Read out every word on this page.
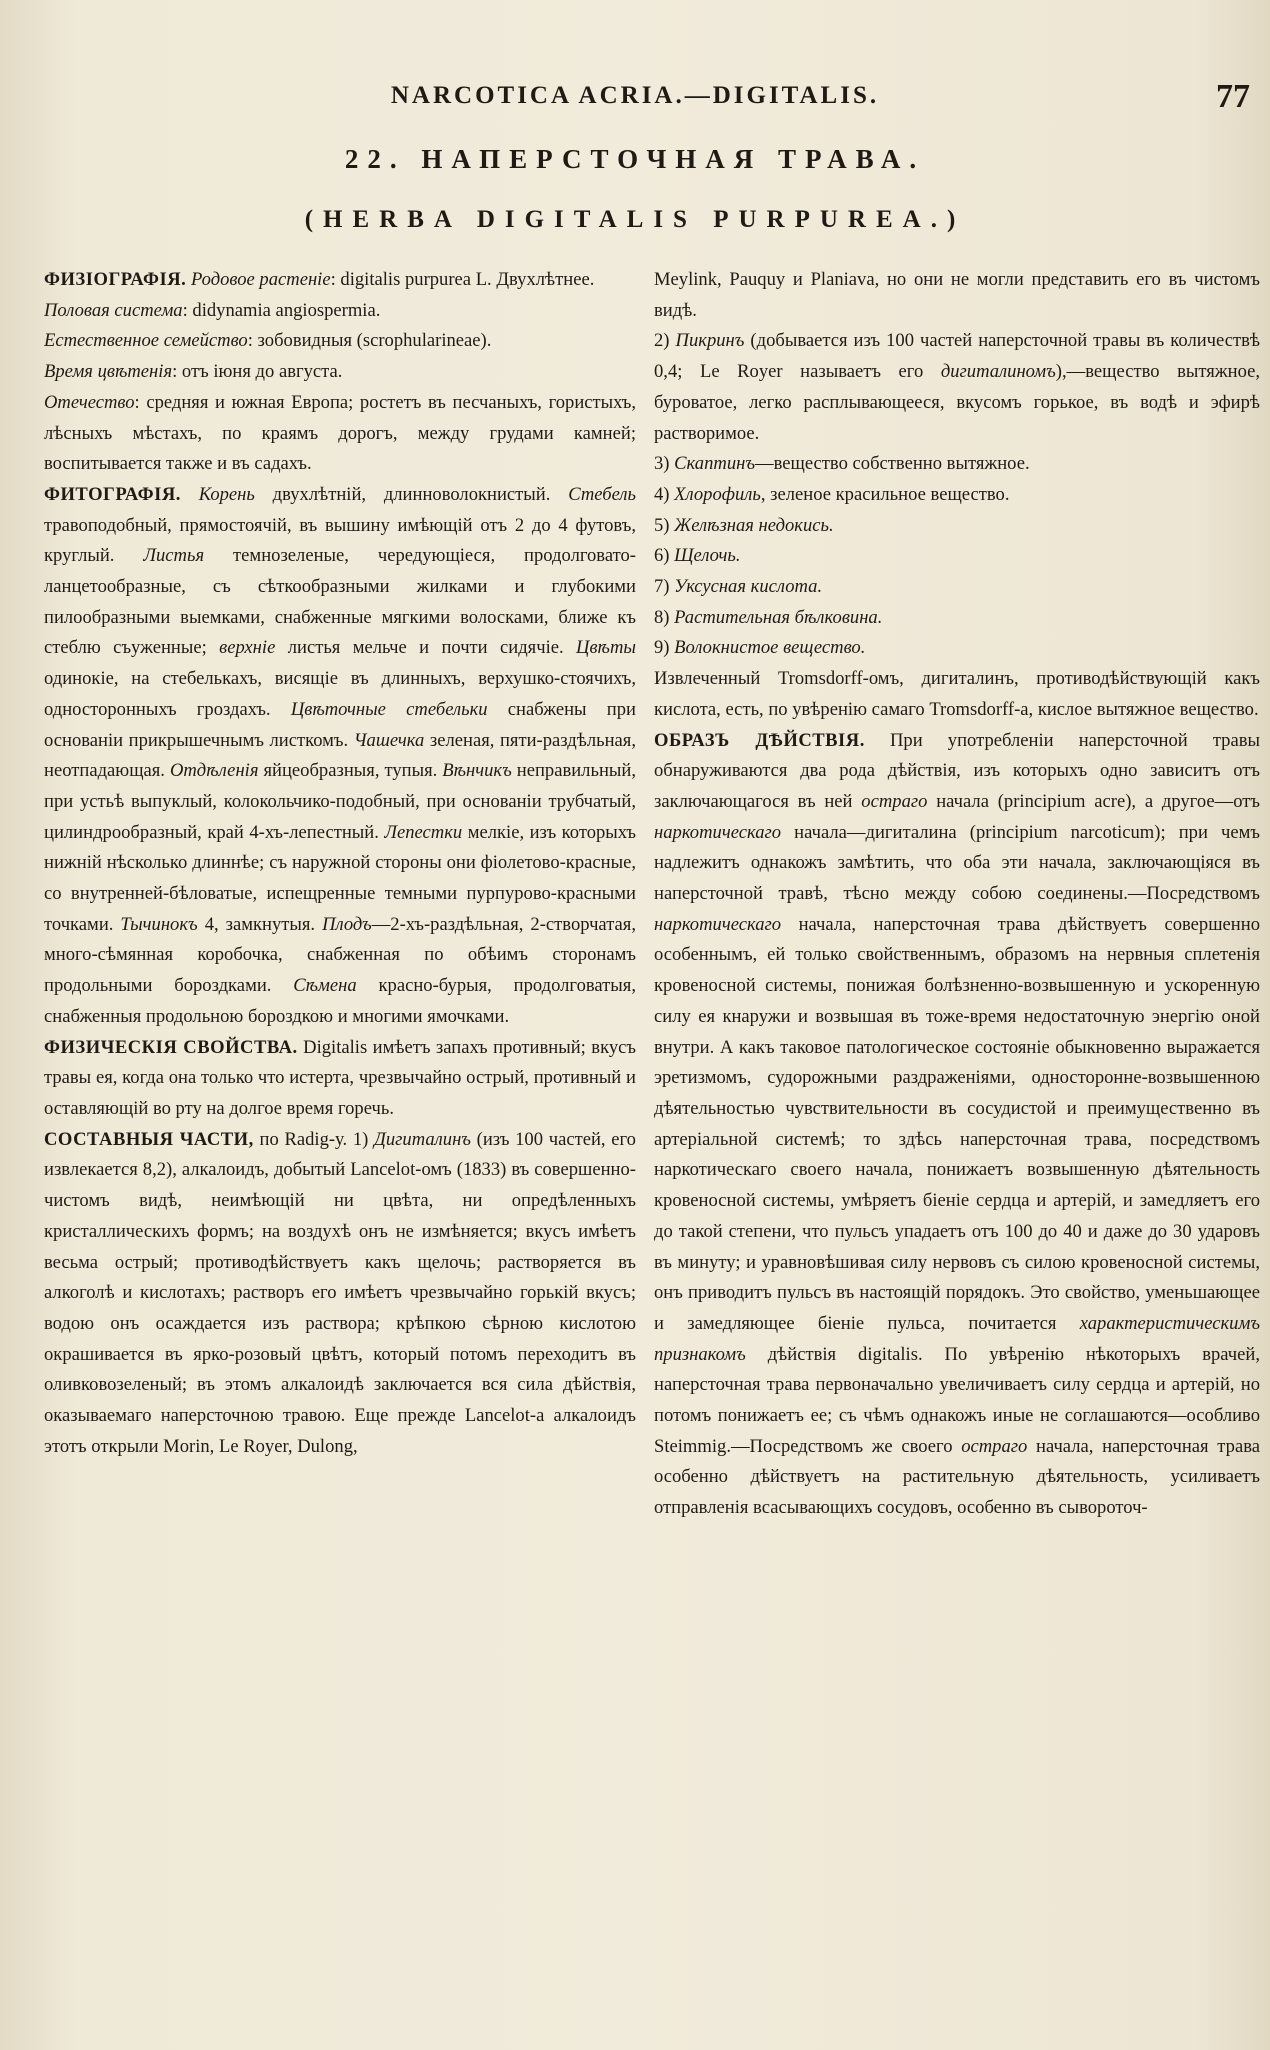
NARCOTICA ACRIA.—DIGITALIS.	77
22. НАПЕРСТОЧНАЯ ТРАВА.
(HERBA DIGITALIS PURPUREA.)

ФИЗІОГРАФІЯ. Родовое растеніе: digitalis purpurea L. Двухлѣтнее.

Половая система: didynamia angiospermia.

Естественное семейство: зобовидныя (scrophularineae).

Время цвѣтенія: отъ іюня до августа.

Отечество: средняя и южная Европа; ростетъ въ песчаныхъ, гористыхъ, лѣсныхъ мѣстахъ, по краямъ дорогъ, между грудами камней; воспитывается также и въ садахъ.

ФИТОГРАФІЯ. Корень двухлѣтній, длинноволокнистый. Стебель травоподобный, прямостоячій, въ вышину имѣющій отъ 2 до 4 футовъ, круглый. Листья темнозеленые, чередующіеся, продолговато-ланцетообразные, съ сѣткообразными жилками и глубокими пилообразными выемками, снабженные мягкими волосками, ближе къ стеблю съуженные; верхніе листья мельче и почти сидячіе. Цвѣты одинокіе, на стебелькахъ, висящіе въ длинныхъ, верхушко-стоячихъ, односторонныхъ гроздахъ. Цвѣточные стебельки снабжены при основаніи прикрышечнымъ листкомъ. Чашечка зеленая, пяти-раздѣльная, неотпадающая. Отдѣленія яйцеобразныя, тупыя. Вѣнчикъ неправильный, при устьѣ выпуклый, колокольчико-подобный, при основаніи трубчатый, цилиндрообразный, край 4-хъ-лепестный. Лепестки мелкіе, изъ которыхъ нижній нѣсколько длиннѣе; съ наружной стороны они фіолетово-красные, со внутренней-бѣловатые, испещренные темными пурпурово-красными точками. Тычинокъ 4, замкнутыя. Плодъ—2-хъ-раздѣльная, 2-створчатая, много-сѣмянная коробочка, снабженная по обѣимъ сторонамъ продольными бороздками. Сѣмена красно-бурыя, продолговатыя, снабженныя продольною бороздкою и многими ямочками.

ФИЗИЧЕСКІЯ СВОЙСТВА. Digitalis имѣетъ запахъ противный; вкусъ травы ея, когда она только что истерта, чрезвычайно острый, противный и оставляющій во рту на долгое время горечь.

СОСТАВНЫЯ ЧАСТИ, по Radig-у. 1) Дигиталинъ (изъ 100 частей, его извлекается 8,2), алкалоидъ, добытый Lancelot-омъ (1833) въ совершенно-чистомъ видѣ, неимѣющій ни цвѣта, ни опредѣленныхъ кристаллическихъ формъ; на воздухѣ онъ не измѣняется; вкусъ имѣетъ весьма острый; противодѣйствуетъ какъ щелочь; растворяется въ алкоголѣ и кислотахъ; растворъ его имѣетъ чрезвычайно горькій вкусъ; водою онъ осаждается изъ раствора; крѣпкою сѣрною кислотою окрашивается въ ярко-розовый цвѣтъ, который потомъ переходитъ въ оливковозеленый; въ этомъ алкалоидѣ заключается вся сила дѣйствія, оказываемаго наперсточною травою. Еще прежде Lancelot-а алкалоидъ этотъ открыли Morin, Le Royer, Dulong,

Meylink, Pauquy и Planiava, но они не могли представить его въ чистомъ видѣ.

2) Пикринъ (добывается изъ 100 частей наперсточной травы въ количествѣ 0,4; Le Royer называетъ его дигиталиномъ),—вещество вытяжное, буроватое, легко расплывающееся, вкусомъ горькое, въ водѣ и эфирѣ растворимое.

3) Скаптинъ—вещество собственно вытяжное.

4) Хлорофиль, зеленое красильное вещество.

5) Желѣзная недокись.

6) Щелочь.

7) Уксусная кислота.

8) Растительная бѣлковина.

9) Волокнистое вещество.

Извлеченный Tromsdorff-омъ, дигиталинъ, противодѣйствующій какъ кислота, есть, по увѣренію самаго Tromsdorff-а, кислое вытяжное вещество.

ОБРАЗЪ ДѢЙСТВІЯ. При употребленіи наперсточной травы обнаруживаются два рода дѣйствія, изъ которыхъ одно зависитъ отъ заключающагося въ ней остраго начала (principium acre), а другое—отъ наркотическаго начала—дигиталина (principium narcoticum); при чемъ надлежитъ однакожъ замѣтить, что оба эти начала, заключающіяся въ наперсточной травѣ, тѣсно между собою соединены.—Посредствомъ наркотическаго начала, наперсточная трава дѣйствуетъ совершенно особеннымъ, ей только свойственнымъ, образомъ на нервныя сплетенія кровеносной системы, понижая болѣзненно-возвышенную и ускоренную силу ея кнаружи и возвышая въ тоже-время недостаточную энергію оной внутри. А какъ таковое патологическое состояніе обыкновенно выражается эретизмомъ, судорожными раздраженіями, односторонне-возвышенною дѣятельностью чувствительности въ сосудистой и преимущественно въ артеріальной системѣ; то здѣсь наперсточная трава, посредствомъ наркотическаго своего начала, понижаетъ возвышенную дѣятельность кровеносной системы, умѣряетъ біеніе сердца и артерій, и замедляетъ его до такой степени, что пульсъ упадаетъ отъ 100 до 40 и даже до 30 ударовъ въ минуту; и уравновѣшивая силу нервовъ съ силою кровеносной системы, онъ приводитъ пульсъ въ настоящій порядокъ. Это свойство, уменьшающее и замедляющее біеніе пульса, почитается характеристическимъ признакомъ дѣйствія digitalis. По увѣренію нѣкоторыхъ врачей, наперсточная трава первоначально увеличиваетъ силу сердца и артерій, но потомъ понижаетъ ее; съ чѣмъ однакожъ иные не соглашаются—особливо Steimmig.—Посредствомъ же своего остраго начала, наперсточная трава особенно дѣйствуетъ на растительную дѣятельность, усиливаетъ отправленія всасывающихъ сосудовъ, особенно въ сывороточ-
